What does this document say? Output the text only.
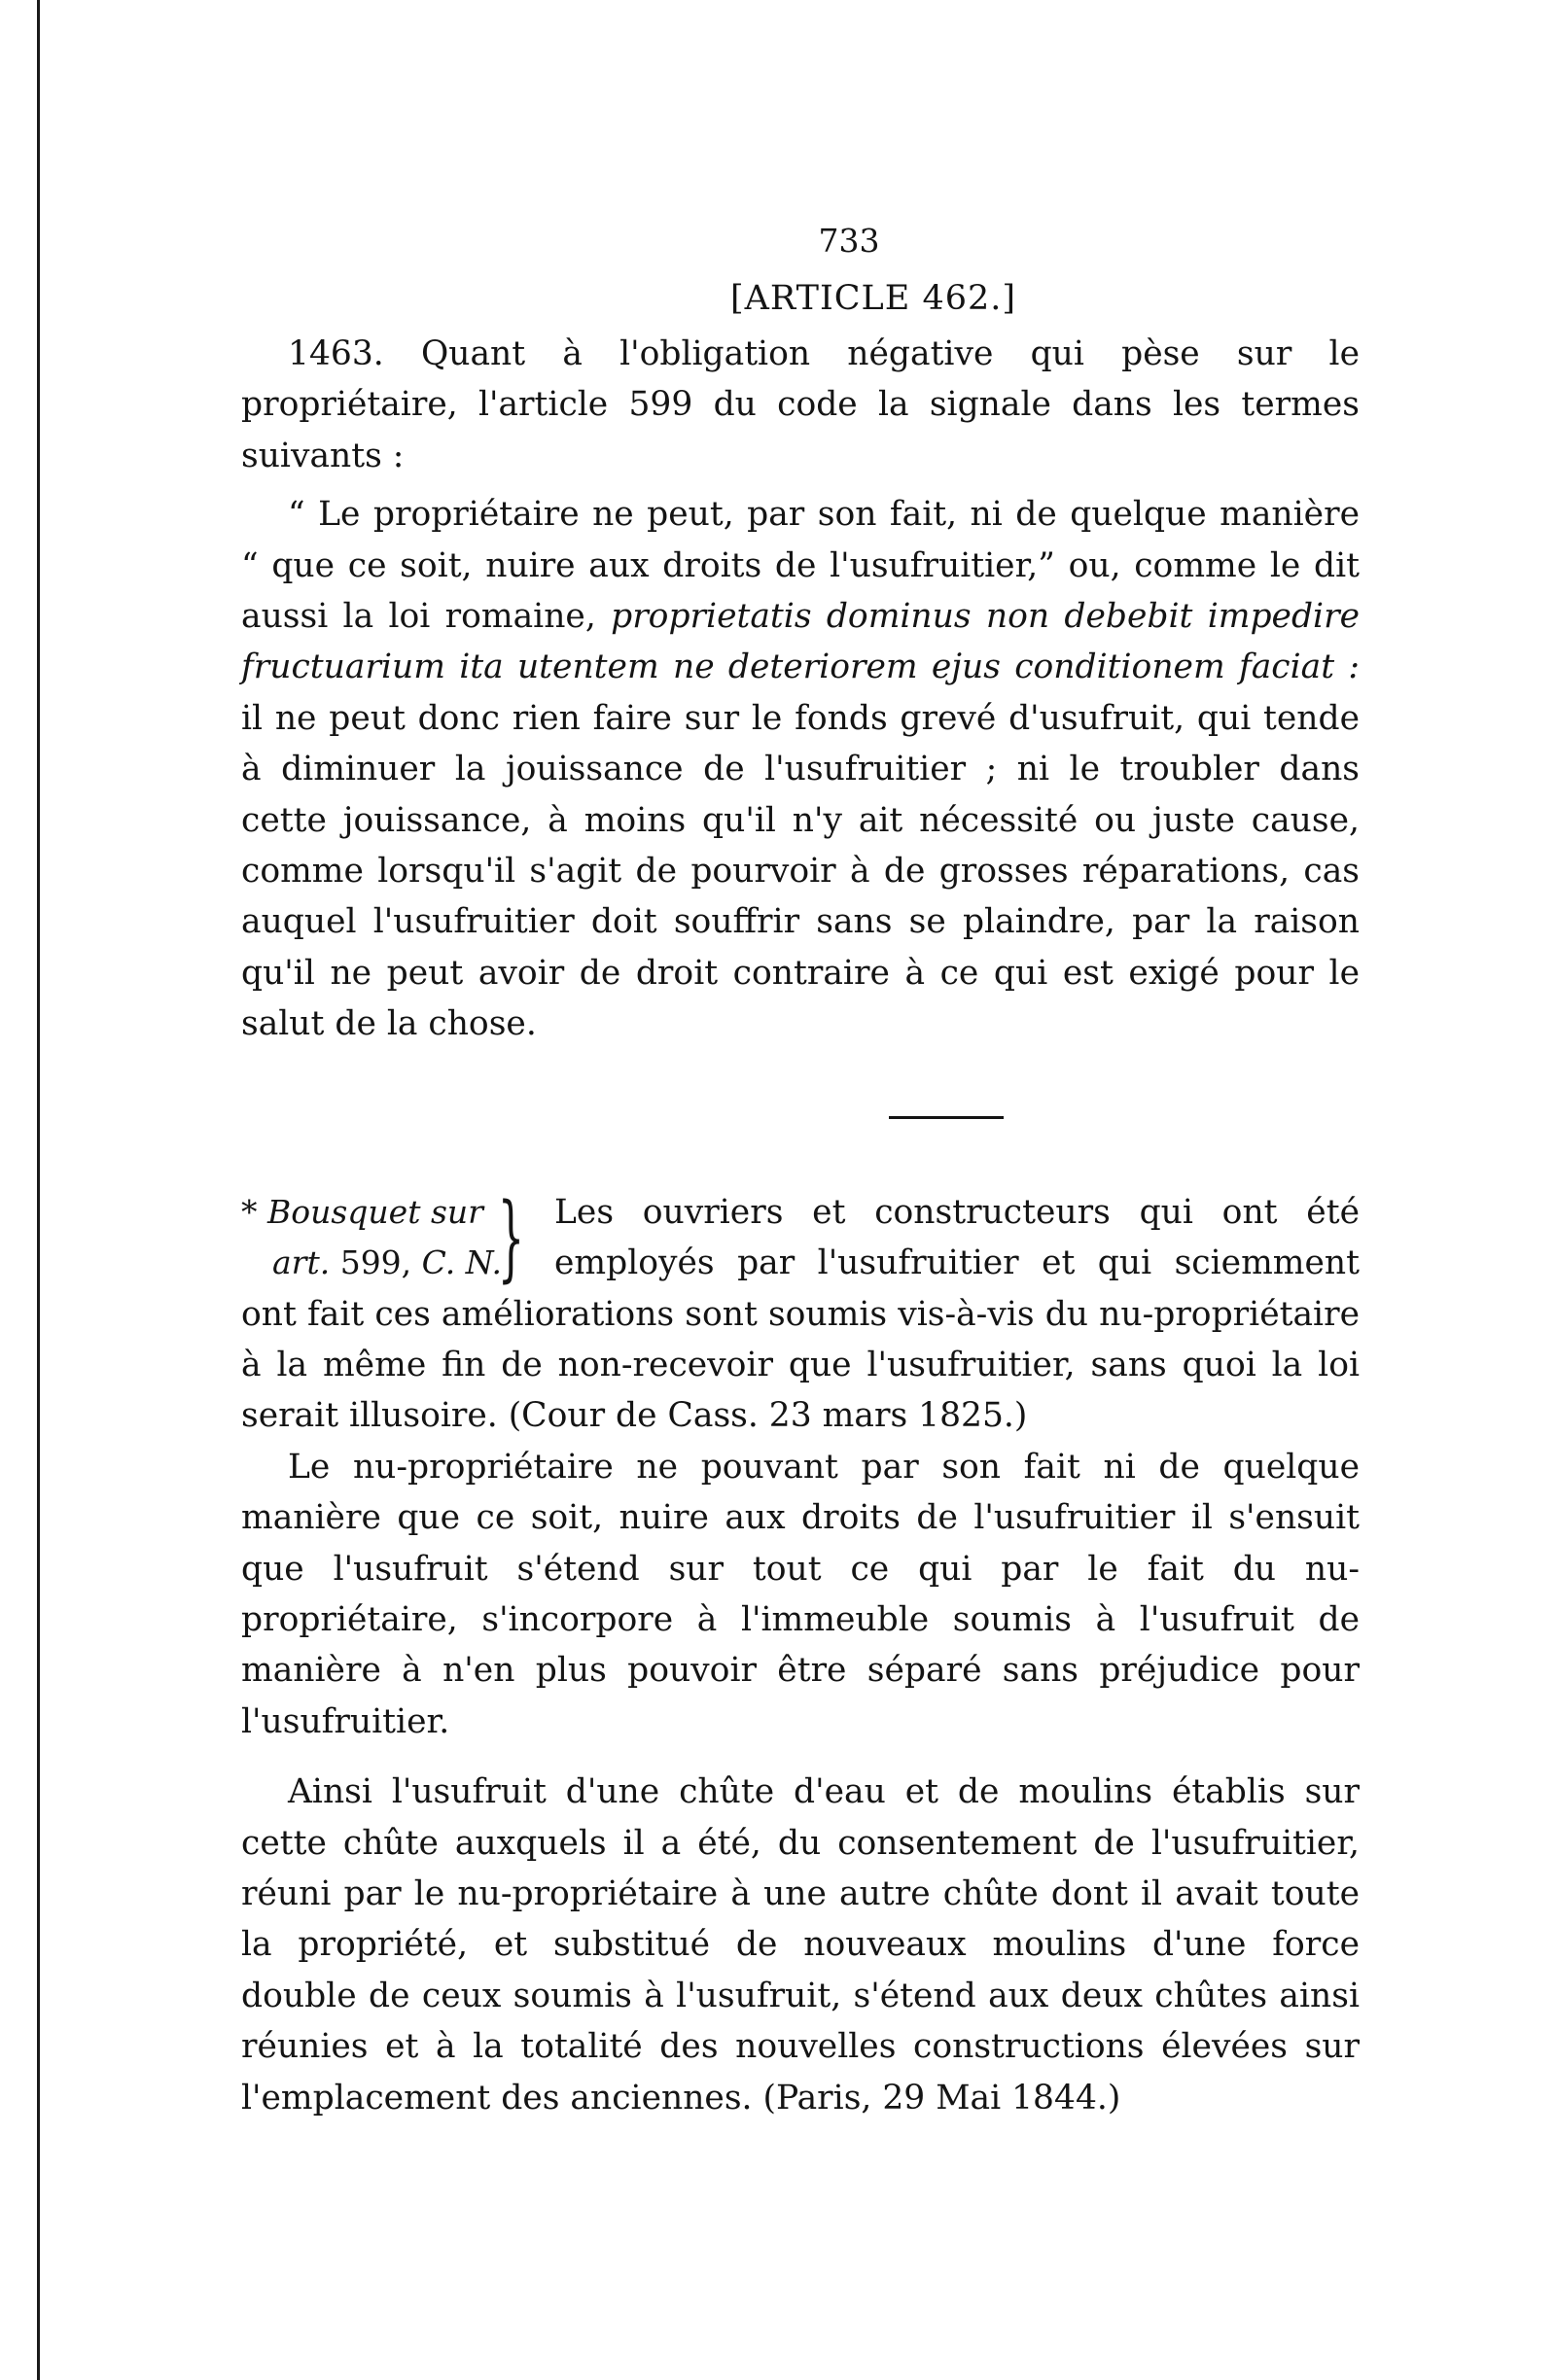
733
[ARTICLE 462.]

1463. Quant à l'obligation négative qui pèse sur le propriétaire, l'article 599 du code la signale dans les termes suivants :

“ Le propriétaire ne peut, par son fait, ni de quelque manière “ que ce soit, nuire aux droits de l'usufruitier,” ou, comme le dit aussi la loi romaine, proprietatis dominus non debebit impedire fructuarium ita utentem ne deteriorem ejus conditionem faciat : il ne peut donc rien faire sur le fonds grevé d'usufruit, qui tende à diminuer la jouissance de l'usufruitier ; ni le troubler dans cette jouissance, à moins qu'il n'y ait nécessité ou juste cause, comme lorsqu'il s'agit de pourvoir à de grosses réparations, cas auquel l'usufruitier doit souffrir sans se plaindre, par la raison qu'il ne peut avoir de droit contraire à ce qui est exigé pour le salut de la chose.

* Bousquet sur
art. 599, C. N.
} Les ouvriers et constructeurs qui ont été employés par l'usufruitier et qui sciemment ont fait ces améliorations sont soumis vis-à-vis du nu-propriétaire à la même fin de non-recevoir que l'usufruitier, sans quoi la loi serait illusoire. (Cour de Cass. 23 mars 1825.)

Le nu-propriétaire ne pouvant par son fait ni de quelque manière que ce soit, nuire aux droits de l'usufruitier il s'ensuit que l'usufruit s'étend sur tout ce qui par le fait du nu-propriétaire, s'incorpore à l'immeuble soumis à l'usufruit de manière à n'en plus pouvoir être séparé sans préjudice pour l'usufruitier.

Ainsi l'usufruit d'une chûte d'eau et de moulins établis sur cette chûte auxquels il a été, du consentement de l'usufruitier, réuni par le nu-propriétaire à une autre chûte dont il avait toute la propriété, et substitué de nouveaux moulins d'une force double de ceux soumis à l'usufruit, s'étend aux deux chûtes ainsi réunies et à la totalité des nouvelles constructions élevées sur l'emplacement des anciennes. (Paris, 29 Mai 1844.)
